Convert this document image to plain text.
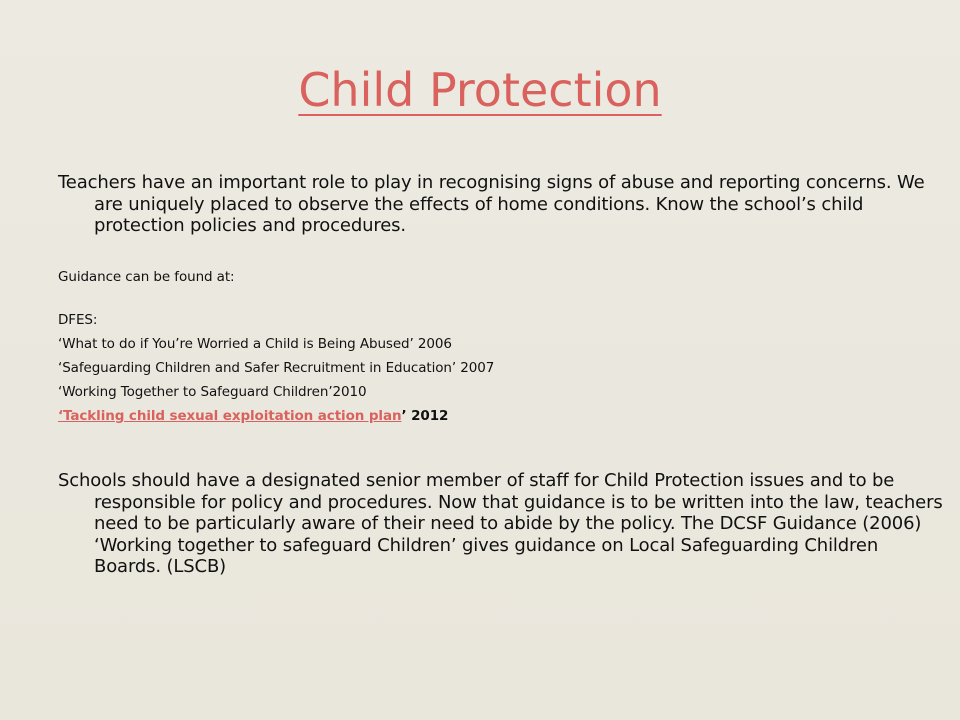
Child Protection
Teachers have an important role to play in recognising signs of abuse and reporting concerns. We are uniquely placed to observe the effects of home conditions. Know the school’s child protection policies and procedures.
Guidance can be found at:
DFES:
‘What to do if You’re Worried a Child is Being Abused’ 2006
‘Safeguarding Children and Safer Recruitment in Education’ 2007
‘Working Together to Safeguard Children’2010
‘Tackling child sexual exploitation action plan’ 2012
Schools should have a designated senior member of staff for Child Protection issues and to be responsible for policy and procedures. Now that guidance is to be written into the law, teachers need to be particularly aware of their need to abide by the policy. The DCSF Guidance (2006) ‘Working together to safeguard Children’ gives guidance on Local Safeguarding Children Boards. (LSCB)
